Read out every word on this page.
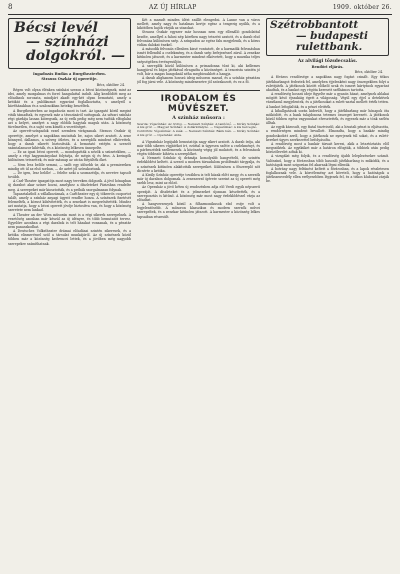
8	AZ ÚJ HÍRLAP	1909. október 26.
Bécsi levél
— színházi dolgokról. —
Ingadozás Budán a Burgtheaterben.
Strauss Oszkár új operettje.
Bécs, október 24.

Régen volt olyan élénken színházi szezon a bécsi közönségnek, mint az idei, amely mozgalmas és forró hangulattal indult. Alig kezdődött meg az előadások sorozata, mindjárt akadt egy-két olyan bemutató, amely a kritikát és a publikumot egyaránt foglalkoztatta, s amelyről a kávéházakban és a szalonokban hetekig beszéltek.

A Burgtheaterben az ingadozás most is tart. Az igazgató körül megint viták támadtak, és egyesek már a távozásáról suttognak. Az udvari színház régi gárdája lassan kiöregszik, az új erők pedig még nem tudták elfoglalni azt a helyet, amelyet a nagy elődök hagytak maguk után. A közönség türelmetlen, és a sajtó sem kíméli a vezetőséget.

Az operett-színpadok ezzel szemben virágzanak. Strauss Oszkár új operettje, amelyet a napokban mutattak be, zajos sikert aratott. A zene könnyed, dallamos, a szöveg ötletes, és a szereplők mindent elkövettek, hogy a darab sikerét biztosítsák. A bemutató estéjén a szerzőt számtalanszor kihívták, és a közönség lelkesen ünnepelte.

— Ez az igazi bécsi operett, — mondogatták a nézők a szünetekben, — amely a régi hagyományokat folytatja, de mégis új és friss. A keringők különösen tetszettek, és már másnap az utcán fütyülték őket.

— Nem lesz belőle semmi, — szólt egy idősebb úr, aki a premiereken mindig ott ül az első sorban, — de azért jól szórakoztunk.

— De igen, lesz belőle! — felelte neki a szomszédja, és nevetve tapsolt tovább.

A Carl-Theater igazgatója most nagy terveken dolgozik. A jövő hónapban új darabot akar színre hozni, amelyhez a díszleteket Párizsban rendelte meg. A szerepeket már kiosztották, és a próbák szorgalmasan folynak.

Tapasztalatból a vállalkozásnak, a Carltheater egy új tőkeerős csoportot talált, amely a színház anyagi ügyeit rendbe hozza. A színészek fizetését felemelték, a kórust kibővítették, és a zenekart is megerősítették. Mindez azt mutatja, hogy a bécsi operett jövője biztosítva van, és hogy a közönség szeretete nem lankad.

A Theater an der Wien műsorán most is a régi sikerek szerepelnek. A vezetőség azonban már készül az új idényre, és több bemutatót tervez. Egyelőre azonban a régi darabok is telt házakat vonzanak, és a pénztár nem panaszkodhat.

A Deutsches Volkstheater drámai előadásai szintén sikeresek, és a kritika elismeréssel szól a társulat munkájáról. Az új színészek közül többen már a közönség kedvencei lettek, és a jövőben még nagyobb szerepekre számíthatnak.

Két a maradt minden ülést szállít elengedni. A Lanne van a város mellett, amely nagy és hatalmas kertje egész a tengerig nyúlik, és a kikötőben hajók várják az utasokat.

Strauss Oszkár egyszer már hosszan nem egy ellenálló gondolattal kezdte, amellyel a falusi nép körében nagy tetszést aratott, és a darab első felvonása különösen szép. A színpadon az egész falu megjelenik, és a kórus vidám dalokat énekel.

A második felvonás ellenben kissé vontatott, de a harmadik felvonásban ismét fellendül a cselekmény, és a darab szép befejezéssel zárul. A zenekar kitűnően játszott, és a karmester mindent elkövetett, hogy a muzsika teljes szépségében érvényesüljön.

A szereplők közül különösen a primadonna tűnt ki, aki kellemes hangjával és bájos játékával elragadta a közönséget. A tenorista szintén jó volt, bár a magas hangoknál néha megbicsaklott a hangja.

A darab alighanem hosszú ideig műsoron marad, és a színház pénztára jól fog járni vele. A közönség mindenesetre jól szórakozott, és ez a fő.

IRODALOM ÉS MŰVÉSZET.
A színház műsora :
Szerda: Vígszínház: Az ördög. — Nemzeti Színház: A tanítónő. — Király Színház: A kis gróf. — Magyar Színház: A dollárkirálynő. — Népszínház: A kis hercegnő.
Csütörtök: Vígszínház: A zsák. — Nemzeti Színház: Bánk bán. — Király Színház: A kis gróf. — Operaház: Aida.

A Vígszínház legújabb bemutatója nagy sikert aratott. A darab írója, aki már több sikeres vígjátékot írt, ezúttal is ügyesen szőtte a cselekményt, és a párbeszédek szellemesek. A közönség végig jól mulatott, és a felvonások végén többször kihívta a szereplőket.

A Nemzeti Színház új drámája komolyabb hangvételű, de szintén érdeklődést keltett. A szerző a modern társadalom problémáit tárgyalja, és a színészek kitűnően alakították szerepeiket. Különösen a főszereplő nőt dicsérte a kritika.

A Király Színház operettje továbbra is telt házak előtt megy, és a szerzők már új darabon dolgoznak. A zeneszerző ígérete szerint az új operett még szebb lesz, mint az előző.

Az Operaház a jövő héten új rendezésben adja elő Verdi egyik népszerű operáját. A díszleteket és a jelmezeket újonnan készítették, és a szereposztás is kitűnő. A közönség már most nagy érdeklődéssel várja az előadást.

A hangversenyek közül a filharmonikusok első estje volt a legjelentősebb. A műsoron klasszikus és modern szerzők művei szerepeltek, és a zenekar kitűnően játszott. A karmester a közönség lelkes tapsaiban részesült.

Szétrobbantott
— budapesti rulettbank.
Az alvilági tőzsdecsalás.
Rendőri eljárás.
Bécs, október 24.

A főváros rendőrsége a napokban nagy fogást csinált. Egy titkos játékbarlangot fedeztek fel, amelyben éjjelenként nagy összegekben folyt a rulettjáték. A játékosok között előkelő urak és ismert kártyások egyaránt akadtak, és a bankot egy régóta keresett szélhámos tartotta.

A rendőrség hosszú ideje figyelte már a gyanús házat, amelynek ablakai mögött késő éjszakáig égett a világosság. Végül egy éjjel a detektívek váratlanul megjelentek, és a játékosokat a rulett-asztal mellett érték tetten. A bankot lefoglalták, és a pénzt elvitték.

A kihallgatások során kiderült, hogy a játékbarlang már hónapok óta működött, és a bank tulajdonosa tetemes összeget keresett. A játékosok közül többen egész vagyonukat elvesztették, és egyesek már a tönk szélén álltak.

Az egyik károsult, egy fiatal tisztviselő, aki a hivatali pénzt is eljátszotta, a rendőrségen mindent bevallott. Elmondta, hogy a bankár mindig gondoskodott arról, hogy a játékosok ne nyerjenek túl sokat, és a rulett-kereket ügyes szerkezettel befolyásolta.

A rendőrség most a bankár társait keresi, akik a letartóztatás elől megszöktek. Az egyiküket már a határon elfogták, a többiek után pedig körözőlevelet adtak ki.

A vizsgálat még folyik, és a rendőrség újabb leleplezésekre számít. Valószínű, hogy a fővárosban több hasonló játékbarlang is működik, és a hatóságok most szigorúan fel akarnak lépni ellenük.

A botrány nagy feltűnést keltett a fővárosban, és a lapok részletesen foglalkoznak vele. A közvélemény azt követeli, hogy a hatóságok a játékszenvedély ellen erélyesebben lépjenek fel, és a titkos klubokat zárják be.
